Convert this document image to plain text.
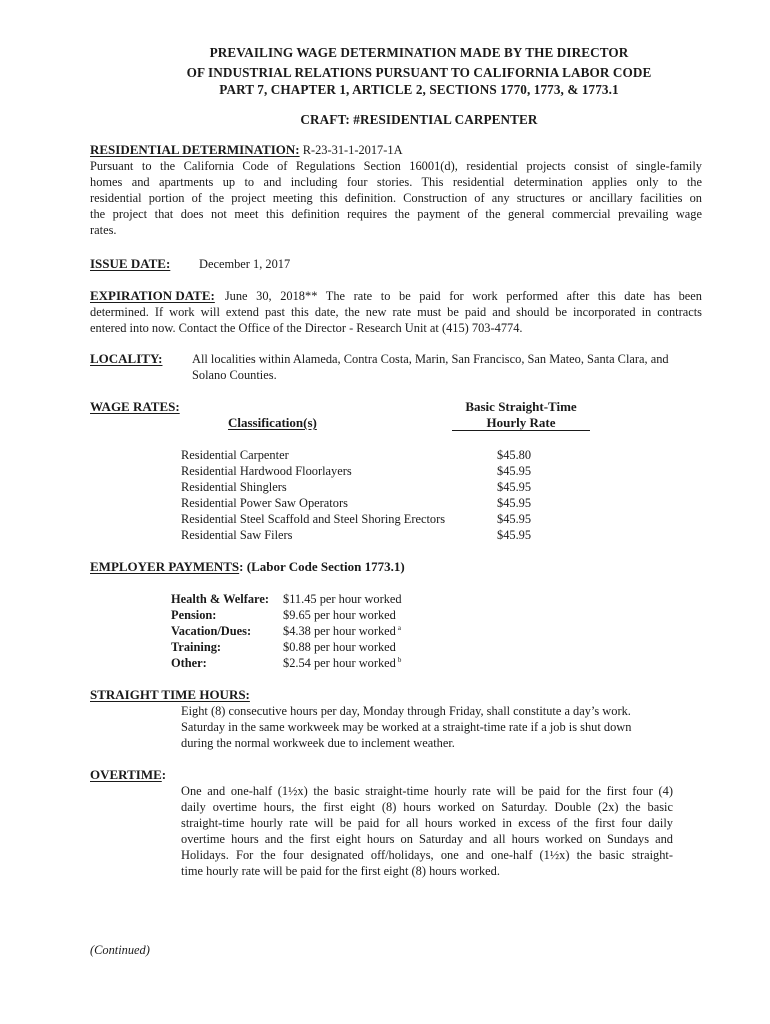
PREVAILING WAGE DETERMINATION MADE BY THE DIRECTOR
OF INDUSTRIAL RELATIONS PURSUANT TO CALIFORNIA LABOR CODE
PART 7, CHAPTER 1, ARTICLE 2, SECTIONS 1770, 1773, & 1773.1
CRAFT: #RESIDENTIAL CARPENTER
RESIDENTIAL DETERMINATION: R-23-31-1-2017-1A
Pursuant to the California Code of Regulations Section 16001(d), residential projects consist of single-family
homes and apartments up to and including four stories. This residential determination applies only to the
residential portion of the project meeting this definition. Construction of any structures or ancillary facilities on
the project that does not meet this definition requires the payment of the general commercial prevailing wage
rates.
ISSUE DATE: December 1, 2017
EXPIRATION DATE: June 30, 2018** The rate to be paid for work performed after this date has been
determined. If work will extend past this date, the new rate must be paid and should be incorporated in contracts
entered into now. Contact the Office of the Director - Research Unit at (415) 703-4774.
LOCALITY: All localities within Alameda, Contra Costa, Marin, San Francisco, San Mateo, Santa Clara, and
Solano Counties.
WAGE RATES:	Basic Straight-Time
Hourly Rate
Classification(s)
Residential Carpenter	$45.80
Residential Hardwood Floorlayers	$45.95
Residential Shinglers	$45.95
Residential Power Saw Operators	$45.95
Residential Steel Scaffold and Steel Shoring Erectors	$45.95
Residential Saw Filers	$45.95
EMPLOYER PAYMENTS: (Labor Code Section 1773.1)
Health & Welfare: $11.45 per hour worked
Pension:	$9.65 per hour worked
Vacation/Dues:	$4.38 per hour worked $^a$
Training:	$0.88 per hour worked
Other:	$2.54 per hour worked $^b$
STRAIGHT TIME HOURS:
Eight (8) consecutive hours per day, Monday through Friday, shall constitute a day’s work.
Saturday in the same workweek may be worked at a straight-time rate if a job is shut down
during the normal workweek due to inclement weather.
OVERTIME:
One and one-half (1½x) the basic straight-time hourly rate will be paid for the first four (4)
daily overtime hours, the first eight (8) hours worked on Saturday. Double (2x) the basic
straight-time hourly rate will be paid for all hours worked in excess of the first four daily
overtime hours and the first eight hours on Saturday and all hours worked on Sundays and
Holidays. For the four designated off/holidays, one and one-half (1½x) the basic straight-
time hourly rate will be paid for the first eight (8) hours worked.
(Continued)
